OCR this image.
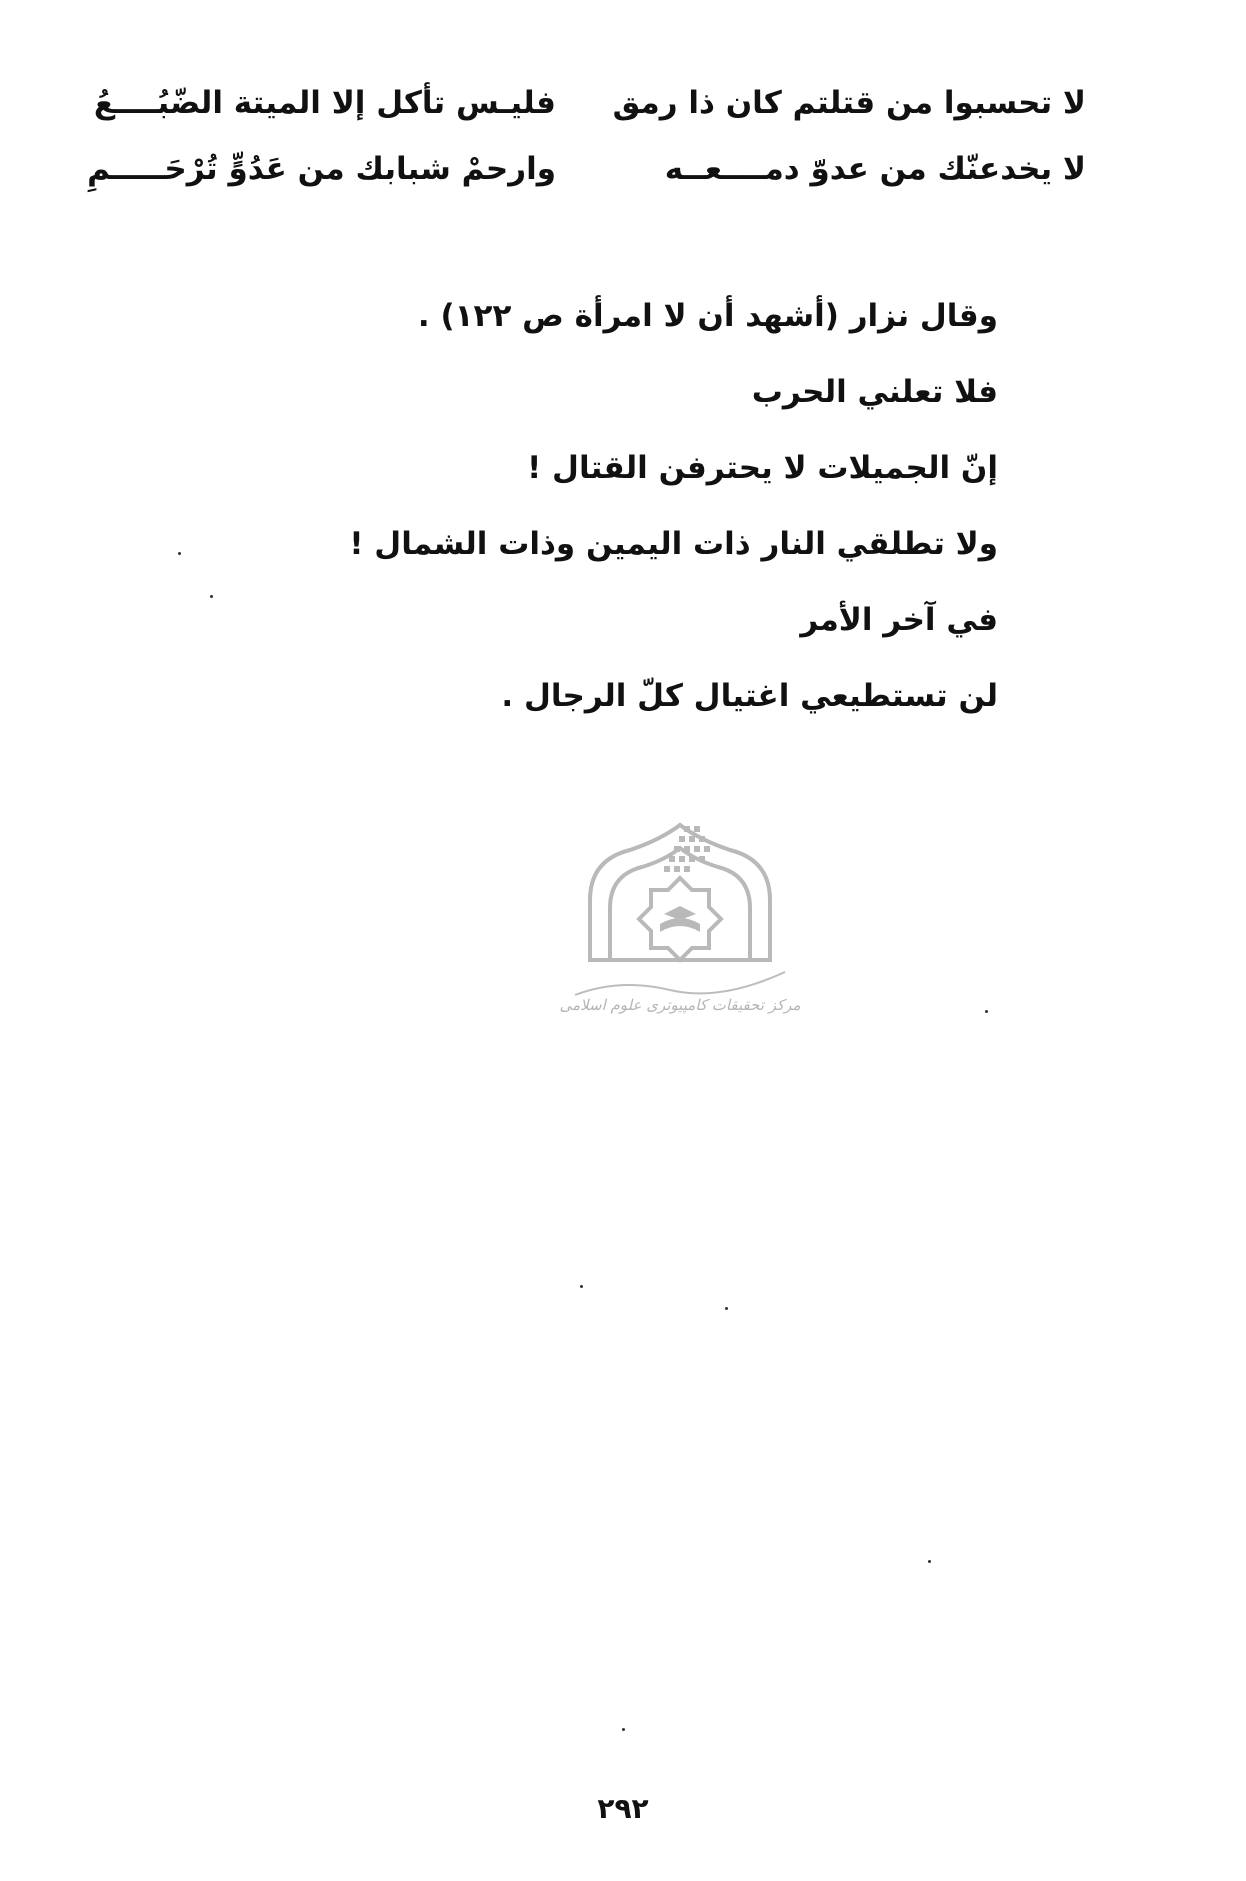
لا تحسبوا من قتلتم كان ذا رمق
فليـس تأكل إلا الميتة الضّبُــــعُ
لا يخدعنّك من عدوّ دمــــعــه
وارحمْ شبابك من عَدُوٍّ تُرْحَـــــمِ
وقال نزار (أشهد أن لا امرأة ص ١٢٢) .
فلا تعلني الحرب
إنّ الجميلات لا يحترفن القتال !
ولا تطلقي النار ذات اليمين وذات الشمال !
في آخر الأمر
لن تستطيعي اغتيال كلّ الرجال .
مرکز تحقیقات کامپیوتری علوم اسلامی
٢٩٢
